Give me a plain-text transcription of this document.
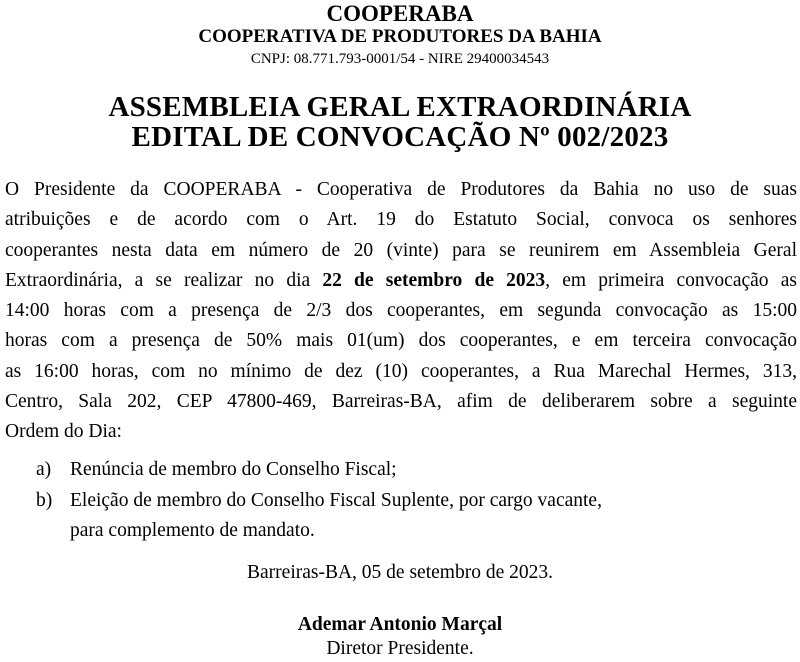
COOPERABA
COOPERATIVA DE PRODUTORES DA BAHIA
CNPJ: 08.771.793-0001/54 - NIRE 29400034543
ASSEMBLEIA GERAL EXTRAORDINÁRIA
EDITAL DE CONVOCAÇÃO Nº 002/2023
O Presidente da COOPERABA - Cooperativa de Produtores da Bahia no uso de suas
atribuições e de acordo com o Art. 19 do Estatuto Social, convoca os senhores
cooperantes nesta data em número de 20 (vinte) para se reunirem em Assembleia Geral
Extraordinária, a se realizar no dia 22 de setembro de 2023, em primeira convocação as
14:00 horas com a presença de 2/3 dos cooperantes, em segunda convocação as 15:00
horas com a presença de 50% mais 01(um) dos cooperantes, e em terceira convocação
as 16:00 horas, com no mínimo de dez (10) cooperantes, a Rua Marechal Hermes, 313,
Centro, Sala 202, CEP 47800-469, Barreiras-BA, afim de deliberarem sobre a seguinte
Ordem do Dia:
a) Renúncia de membro do Conselho Fiscal;
b) Eleição de membro do Conselho Fiscal Suplente, por cargo vacante,
para complemento de mandato.
Barreiras-BA, 05 de setembro de 2023.
Ademar Antonio Marçal
Diretor Presidente.
